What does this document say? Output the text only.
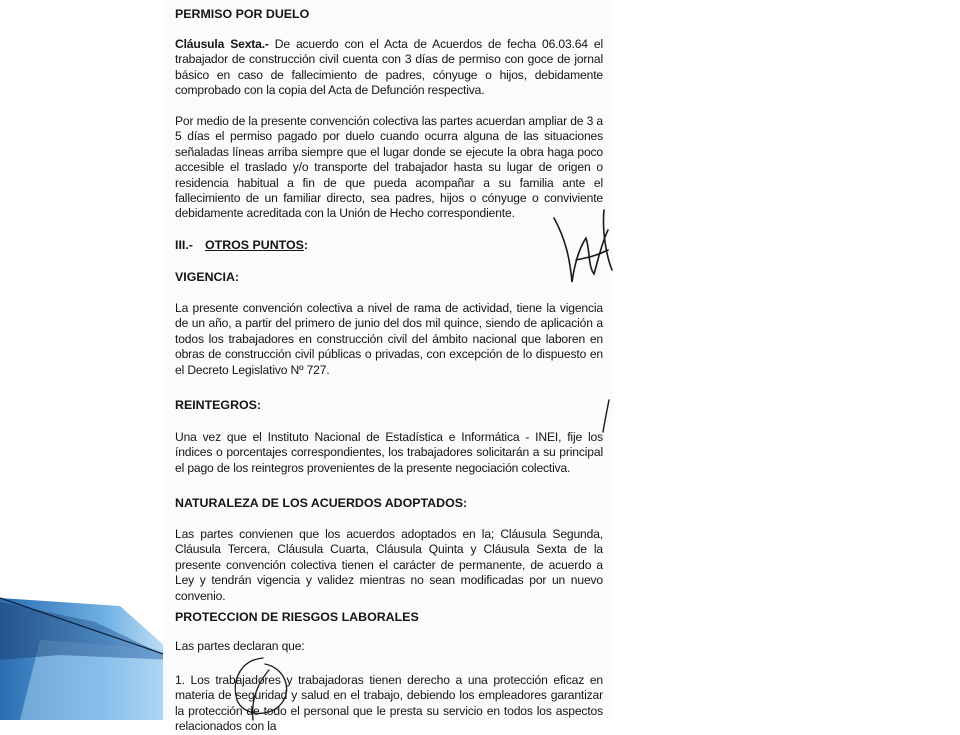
PERMISO POR DUELO

Cláusula Sexta.- De acuerdo con el Acta de Acuerdos de fecha 06.03.64 el trabajador de construcción civil cuenta con 3 días de permiso con goce de jornal básico en caso de fallecimiento de padres, cónyuge o hijos, debidamente comprobado con la copia del Acta de Defunción respectiva.

Por medio de la presente convención colectiva las partes acuerdan ampliar de 3 a 5 días el permiso pagado por duelo cuando ocurra alguna de las situaciones señaladas líneas arriba siempre que el lugar donde se ejecute la obra haga poco accesible el traslado y/o transporte del trabajador hasta su lugar de origen o residencia habitual a fin de que pueda acompañar a su familia ante el fallecimiento de un familiar directo, sea padres, hijos o cónyuge o conviviente debidamente acreditada con la Unión de Hecho correspondiente.

III.- OTROS PUNTOS:
VIGENCIA:

La presente convención colectiva a nivel de rama de actividad, tiene la vigencia de un año, a partir del primero de junio del dos mil quince, siendo de aplicación a todos los trabajadores en construcción civil del ámbito nacional que laboren en obras de construcción civil públicas o privadas, con excepción de lo dispuesto en el Decreto Legislativo Nº 727.

REINTEGROS:

Una vez que el Instituto Nacional de Estadística e Informática - INEI, fije los índices o porcentajes correspondientes, los trabajadores solicitarán a su principal el pago de los reintegros provenientes de la presente negociación colectiva.

NATURALEZA DE LOS ACUERDOS ADOPTADOS:

Las partes convienen que los acuerdos adoptados en la; Cláusula Segunda, Cláusula Tercera, Cláusula Cuarta, Cláusula Quinta y Cláusula Sexta de la presente convención colectiva tienen el carácter de permanente, de acuerdo a Ley y tendrán vigencia y validez mientras no sean modificadas por un nuevo convenio.

PROTECCION DE RIESGOS LABORALES
Las partes declaran que:

1. Los trabajadores y trabajadoras tienen derecho a una protección eficaz en materia de seguridad y salud en el trabajo, debiendo los empleadores garantizar la protección de todo el personal que le presta su servicio en todos los aspectos relacionados con la
